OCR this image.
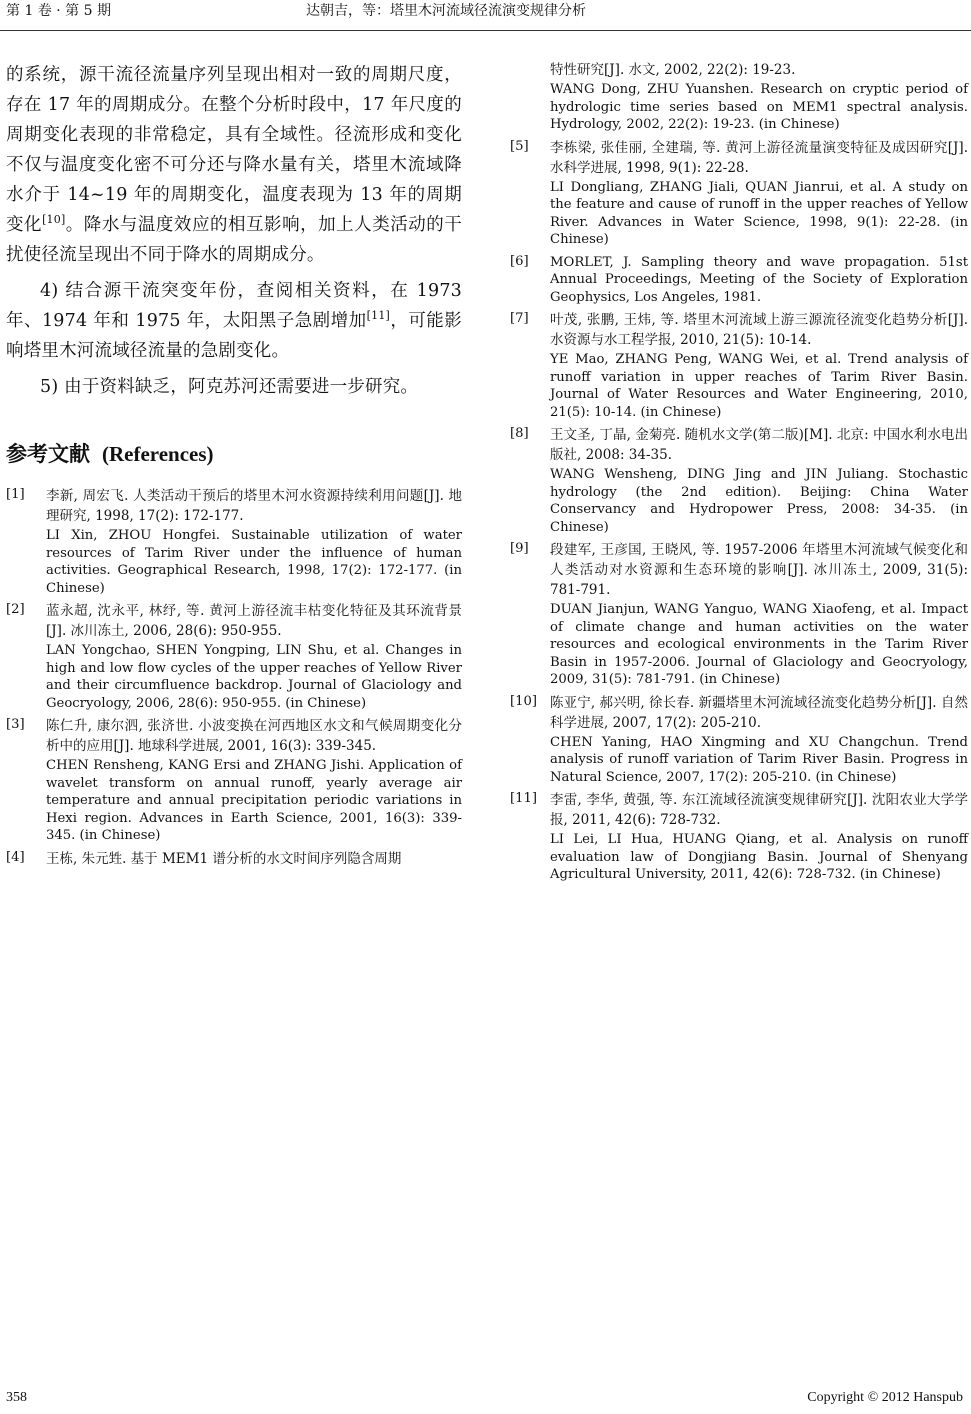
第 1 卷 · 第 5 期	达朝吉，等：塔里木河流域径流演变规律分析

的系统，源干流径流量序列呈现出相对一致的周期尺度，存在 17 年的周期成分。在整个分析时段中，17 年尺度的周期变化表现的非常稳定，具有全域性。径流形成和变化不仅与温度变化密不可分还与降水量有关，塔里木流域降水介于 14~19 年的周期变化，温度表现为 13 年的周期变化[10]。降水与温度效应的相互影响，加上人类活动的干扰使径流呈现出不同于降水的周期成分。

4) 结合源干流突变年份，查阅相关资料，在 1973 年、1974 年和 1975 年，太阳黑子急剧增加[11]，可能影响塔里木河流域径流量的急剧变化。

5) 由于资料缺乏，阿克苏河还需要进一步研究。

参考文献 (References)
[1]	李新, 周宏飞. 人类活动干预后的塔里木河水资源持续利用问题[J]. 地理研究, 1998, 17(2): 172-177.
LI Xin, ZHOU Hongfei. Sustainable utilization of water resources of Tarim River under the influence of human activities. Geographical Research, 1998, 17(2): 172-177. (in Chinese)
[2]	蓝永超, 沈永平, 林纾, 等. 黄河上游径流丰枯变化特征及其环流背景[J]. 冰川冻土, 2006, 28(6): 950-955.
LAN Yongchao, SHEN Yongping, LIN Shu, et al. Changes in high and low flow cycles of the upper reaches of Yellow River and their circumfluence backdrop. Journal of Glaciology and Geocryology, 2006, 28(6): 950-955. (in Chinese)
[3]	陈仁升, 康尔泗, 张济世. 小波变换在河西地区水文和气候周期变化分析中的应用[J]. 地球科学进展, 2001, 16(3): 339-345.
CHEN Rensheng, KANG Ersi and ZHANG Jishi. Application of wavelet transform on annual runoff, yearly average air temperature and annual precipitation periodic variations in Hexi region. Advances in Earth Science, 2001, 16(3): 339-345. (in Chinese)
[4]	王栋, 朱元甡. 基于 MEM1 谱分析的水文时间序列隐含周期
特性研究[J]. 水文, 2002, 22(2): 19-23.
WANG Dong, ZHU Yuanshen. Research on cryptic period of hydrologic time series based on MEM1 spectral analysis. Hydrology, 2002, 22(2): 19-23. (in Chinese)
[5]	李栋梁, 张佳丽, 全建瑞, 等. 黄河上游径流量演变特征及成因研究[J]. 水科学进展, 1998, 9(1): 22-28.
LI Dongliang, ZHANG Jiali, QUAN Jianrui, et al. A study on the feature and cause of runoff in the upper reaches of Yellow River. Advances in Water Science, 1998, 9(1): 22-28. (in Chinese)
[6]	MORLET, J. Sampling theory and wave propagation. 51st Annual Proceedings, Meeting of the Society of Exploration Geophysics, Los Angeles, 1981.
[7]	叶茂, 张鹏, 王炜, 等. 塔里木河流域上游三源流径流变化趋势分析[J]. 水资源与水工程学报, 2010, 21(5): 10-14.
YE Mao, ZHANG Peng, WANG Wei, et al. Trend analysis of runoff variation in upper reaches of Tarim River Basin. Journal of Water Resources and Water Engineering, 2010, 21(5): 10-14. (in Chinese)
[8]	王文圣, 丁晶, 金菊亮. 随机水文学(第二版)[M]. 北京: 中国水利水电出版社, 2008: 34-35.
WANG Wensheng, DING Jing and JIN Juliang. Stochastic hydrology (the 2nd edition). Beijing: China Water Conservancy and Hydropower Press, 2008: 34-35. (in Chinese)
[9]	段建军, 王彦国, 王晓风, 等. 1957-2006 年塔里木河流域气候变化和人类活动对水资源和生态环境的影响[J]. 冰川冻土, 2009, 31(5): 781-791.
DUAN Jianjun, WANG Yanguo, WANG Xiaofeng, et al. Impact of climate change and human activities on the water resources and ecological environments in the Tarim River Basin in 1957-2006. Journal of Glaciology and Geocryology, 2009, 31(5): 781-791. (in Chinese)
[10] 陈亚宁, 郝兴明, 徐长春. 新疆塔里木河流域径流变化趋势分析[J]. 自然科学进展, 2007, 17(2): 205-210.
CHEN Yaning, HAO Xingming and XU Changchun. Trend analysis of runoff variation of Tarim River Basin. Progress in Natural Science, 2007, 17(2): 205-210. (in Chinese)
[11] 李雷, 李华, 黄强, 等. 东江流域径流演变规律研究[J]. 沈阳农业大学学报, 2011, 42(6): 728-732.
LI Lei, LI Hua, HUANG Qiang, et al. Analysis on runoff evaluation law of Dongjiang Basin. Journal of Shenyang Agricultural University, 2011, 42(6): 728-732. (in Chinese)
358	Copyright © 2012 Hanspub
